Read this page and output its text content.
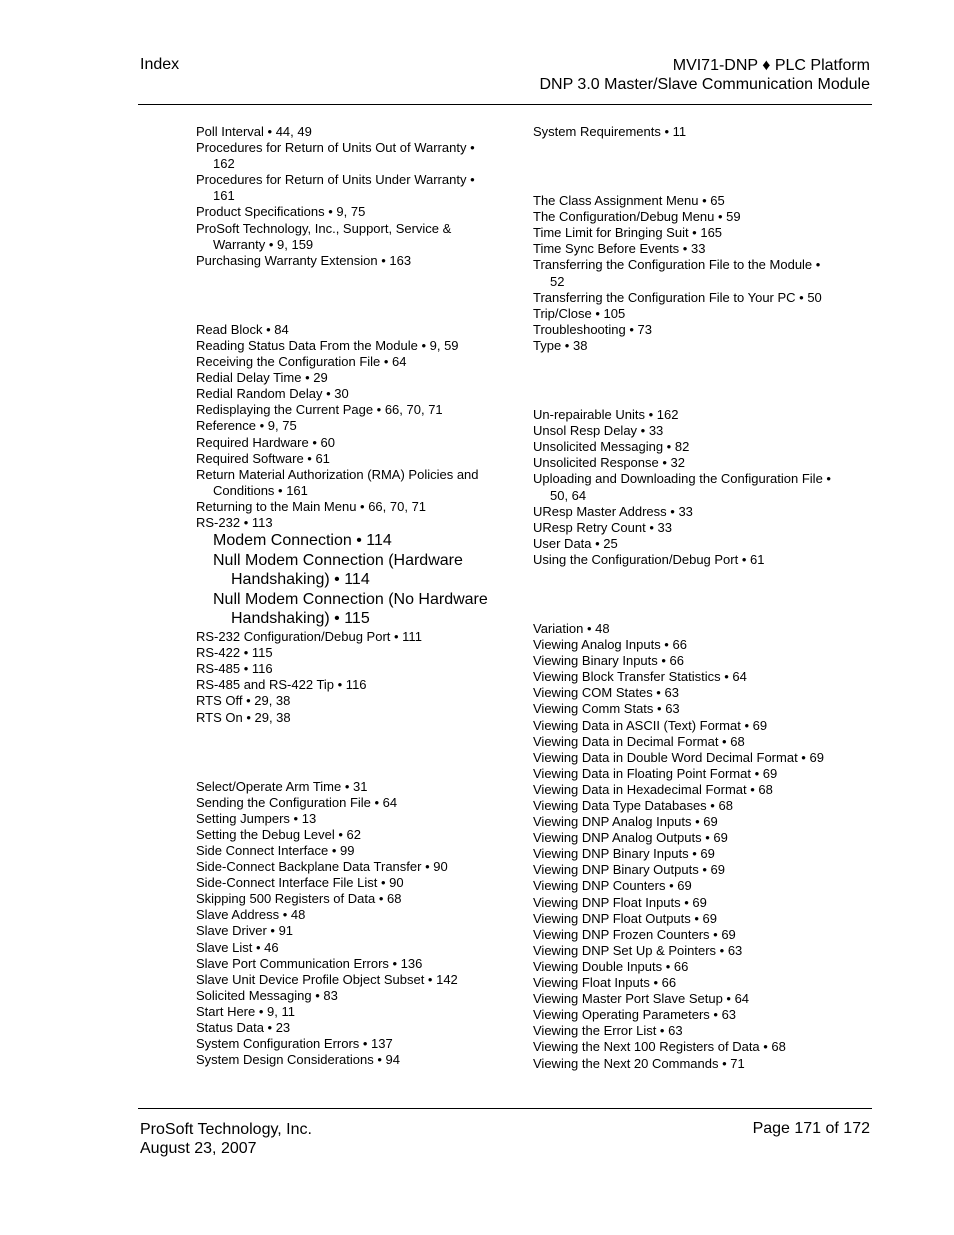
Index	MVI71-DNP ♦ PLC Platform
DNP 3.0 Master/Slave Communication Module
Poll Interval • 44, 49
Procedures for Return of Units Out of Warranty • 162
Procedures for Return of Units Under Warranty • 161
Product Specifications • 9, 75
ProSoft Technology, Inc., Support, Service & Warranty • 9, 159
Purchasing Warranty Extension • 163
Read Block • 84
Reading Status Data From the Module • 9, 59
Receiving the Configuration File • 64
Redial Delay Time • 29
Redial Random Delay • 30
Redisplaying the Current Page • 66, 70, 71
Reference • 9, 75
Required Hardware • 60
Required Software • 61
Return Material Authorization (RMA) Policies and Conditions • 161
Returning to the Main Menu • 66, 70, 71
RS-232 • 113
Modem Connection • 114
Null Modem Connection (Hardware Handshaking) • 114
Null Modem Connection (No Hardware Handshaking) • 115
RS-232 Configuration/Debug Port • 111
RS-422 • 115
RS-485 • 116
RS-485 and RS-422 Tip • 116
RTS Off • 29, 38
RTS On • 29, 38
Select/Operate Arm Time • 31
Sending the Configuration File • 64
Setting Jumpers • 13
Setting the Debug Level • 62
Side Connect Interface • 99
Side-Connect Backplane Data Transfer • 90
Side-Connect Interface File List • 90
Skipping 500 Registers of Data • 68
Slave Address • 48
Slave Driver • 91
Slave List • 46
Slave Port Communication Errors • 136
Slave Unit Device Profile Object Subset • 142
Solicited Messaging • 83
Start Here • 9, 11
Status Data • 23
System Configuration Errors • 137
System Design Considerations • 94
System Requirements • 11
The Class Assignment Menu • 65
The Configuration/Debug Menu • 59
Time Limit for Bringing Suit • 165
Time Sync Before Events • 33
Transferring the Configuration File to the Module • 52
Transferring the Configuration File to Your PC • 50
Trip/Close • 105
Troubleshooting • 73
Type • 38
Un-repairable Units • 162
Unsol Resp Delay • 33
Unsolicited Messaging • 82
Unsolicited Response • 32
Uploading and Downloading the Configuration File • 50, 64
UResp Master Address • 33
UResp Retry Count • 33
User Data • 25
Using the Configuration/Debug Port • 61
Variation • 48
Viewing Analog Inputs • 66
Viewing Binary Inputs • 66
Viewing Block Transfer Statistics • 64
Viewing COM States • 63
Viewing Comm Stats • 63
Viewing Data in ASCII (Text) Format • 69
Viewing Data in Decimal Format • 68
Viewing Data in Double Word Decimal Format • 69
Viewing Data in Floating Point Format • 69
Viewing Data in Hexadecimal Format • 68
Viewing Data Type Databases • 68
Viewing DNP Analog Inputs • 69
Viewing DNP Analog Outputs • 69
Viewing DNP Binary Inputs • 69
Viewing DNP Binary Outputs • 69
Viewing DNP Counters • 69
Viewing DNP Float Inputs • 69
Viewing DNP Float Outputs • 69
Viewing DNP Frozen Counters • 69
Viewing DNP Set Up & Pointers • 63
Viewing Double Inputs • 66
Viewing Float Inputs • 66
Viewing Master Port Slave Setup • 64
Viewing Operating Parameters • 63
Viewing the Error List • 63
Viewing the Next 100 Registers of Data • 68
Viewing the Next 20 Commands • 71
ProSoft Technology, Inc.
August 23, 2007
Page 171 of 172
